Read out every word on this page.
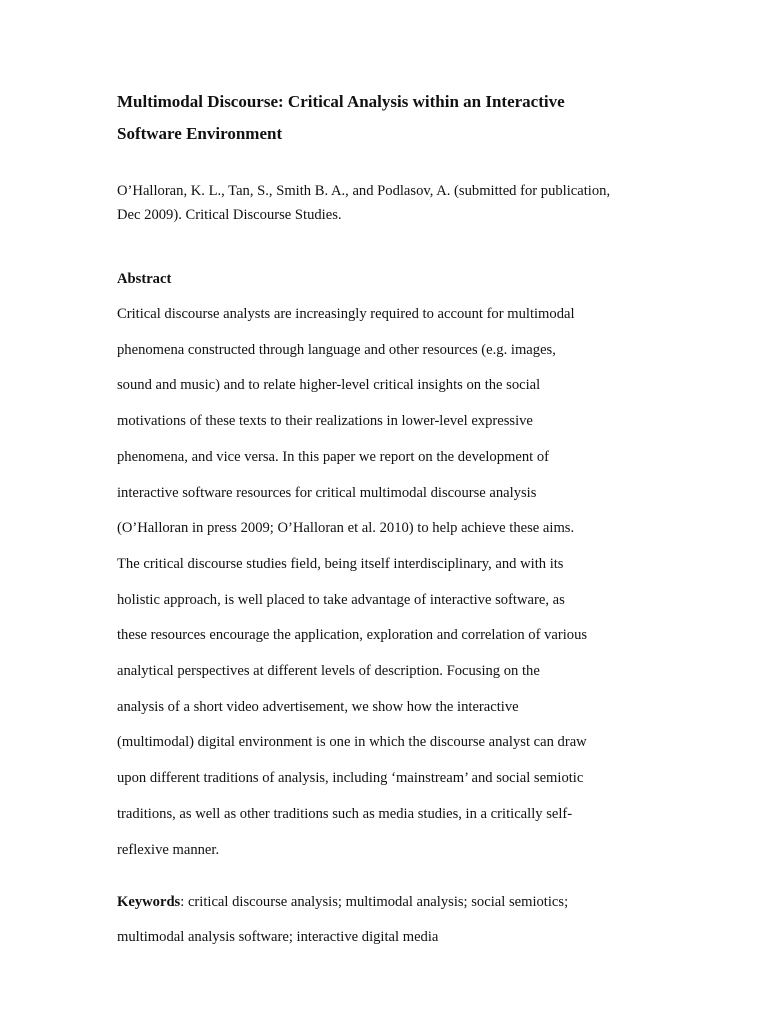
Multimodal Discourse: Critical Analysis within an Interactive
Software Environment
O’Halloran, K. L., Tan, S., Smith B. A., and Podlasov, A. (submitted for publication,
Dec 2009). Critical Discourse Studies.
Abstract
Critical discourse analysts are increasingly required to account for multimodal
phenomena constructed through language and other resources (e.g. images,
sound and music) and to relate higher-level critical insights on the social
motivations of these texts to their realizations in lower-level expressive
phenomena, and vice versa. In this paper we report on the development of
interactive software resources for critical multimodal discourse analysis
(O’Halloran in press 2009; O’Halloran et al. 2010) to help achieve these aims.
The critical discourse studies field, being itself interdisciplinary, and with its
holistic approach, is well placed to take advantage of interactive software, as
these resources encourage the application, exploration and correlation of various
analytical perspectives at different levels of description. Focusing on the
analysis of a short video advertisement, we show how the interactive
(multimodal) digital environment is one in which the discourse analyst can draw
upon different traditions of analysis, including ‘mainstream’ and social semiotic
traditions, as well as other traditions such as media studies, in a critically self-
reflexive manner.
Keywords: critical discourse analysis; multimodal analysis; social semiotics;
multimodal analysis software; interactive digital media
